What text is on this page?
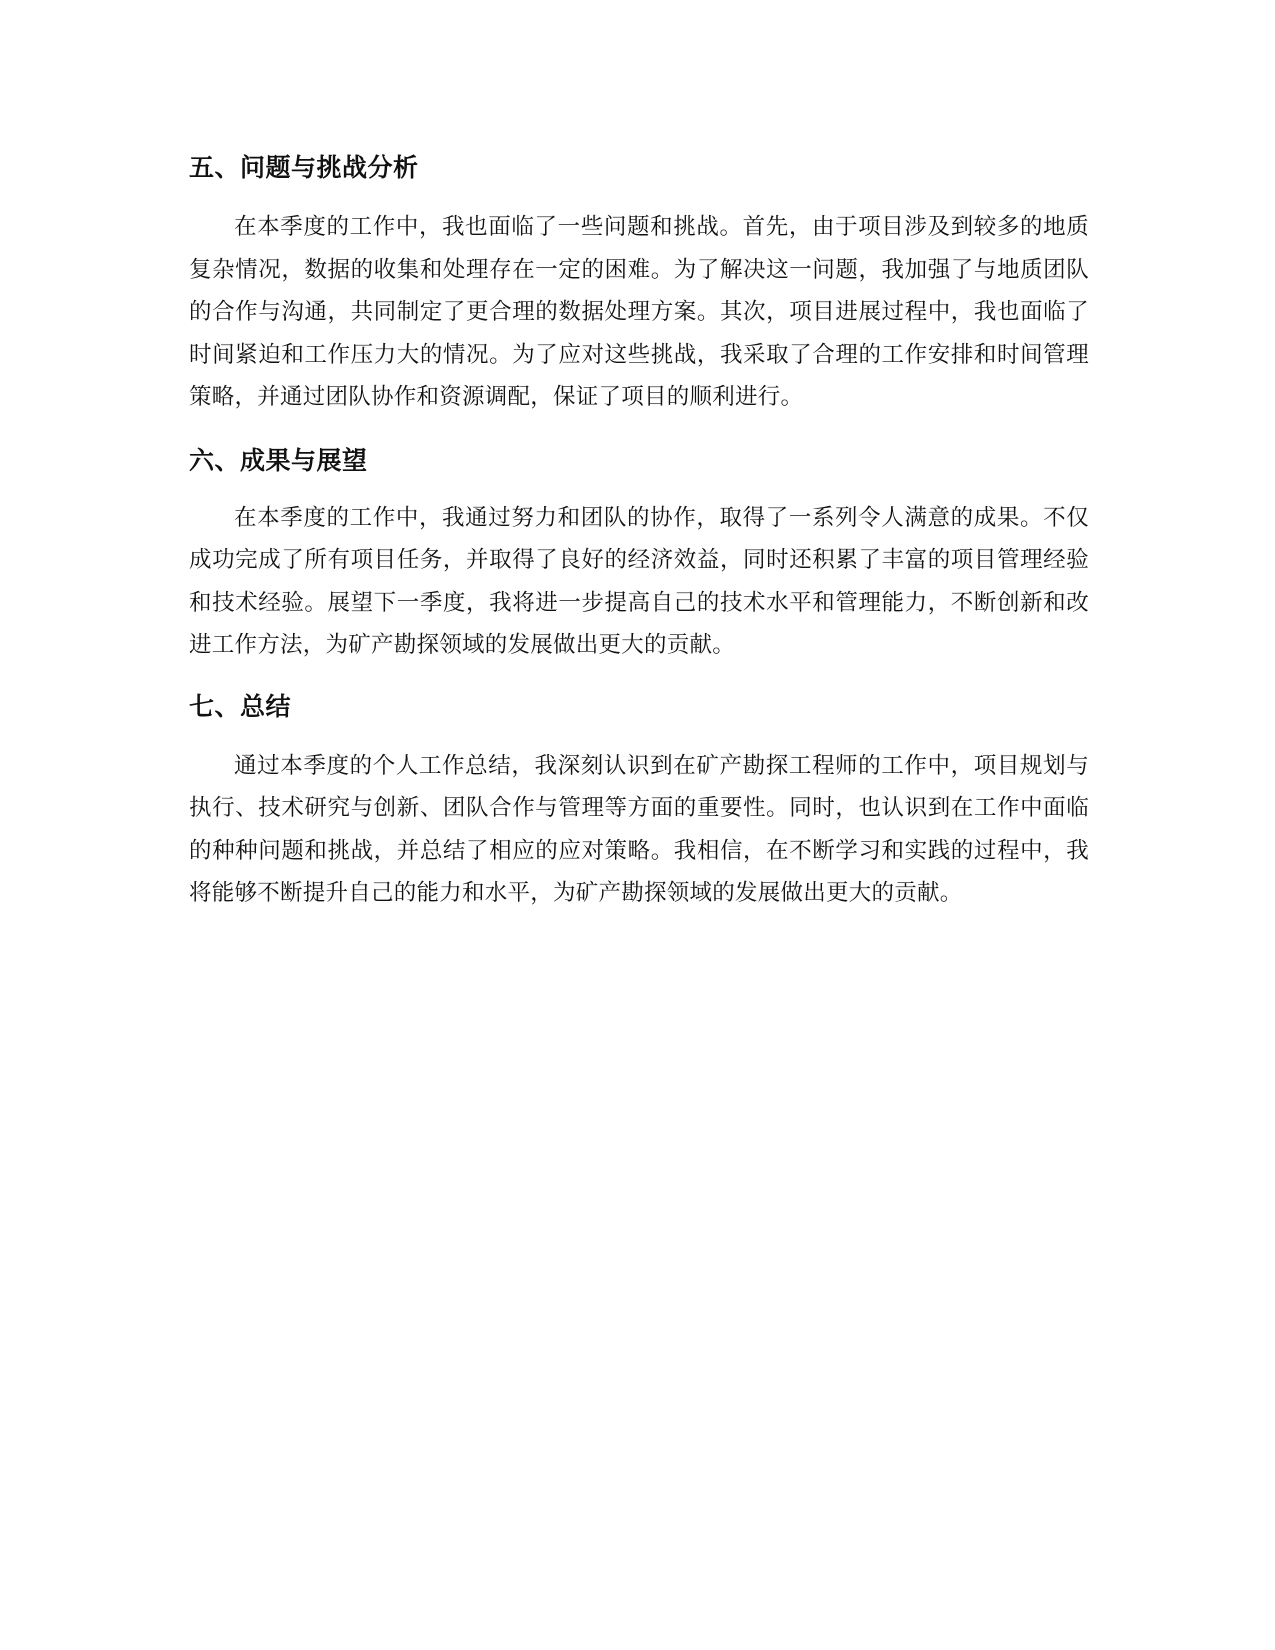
五、问题与挑战分析

在本季度的工作中，我也面临了一些问题和挑战。首先，由于项目涉及到较多的地质复杂情况，数据的收集和处理存在一定的困难。为了解决这一问题，我加强了与地质团队的合作与沟通，共同制定了更合理的数据处理方案。其次，项目进展过程中，我也面临了时间紧迫和工作压力大的情况。为了应对这些挑战，我采取了合理的工作安排和时间管理策略，并通过团队协作和资源调配，保证了项目的顺利进行。

六、成果与展望

在本季度的工作中，我通过努力和团队的协作，取得了一系列令人满意的成果。不仅成功完成了所有项目任务，并取得了良好的经济效益，同时还积累了丰富的项目管理经验和技术经验。展望下一季度，我将进一步提高自己的技术水平和管理能力，不断创新和改进工作方法，为矿产勘探领域的发展做出更大的贡献。

七、总结

通过本季度的个人工作总结，我深刻认识到在矿产勘探工程师的工作中，项目规划与执行、技术研究与创新、团队合作与管理等方面的重要性。同时，也认识到在工作中面临的种种问题和挑战，并总结了相应的应对策略。我相信，在不断学习和实践的过程中，我将能够不断提升自己的能力和水平，为矿产勘探领域的发展做出更大的贡献。
